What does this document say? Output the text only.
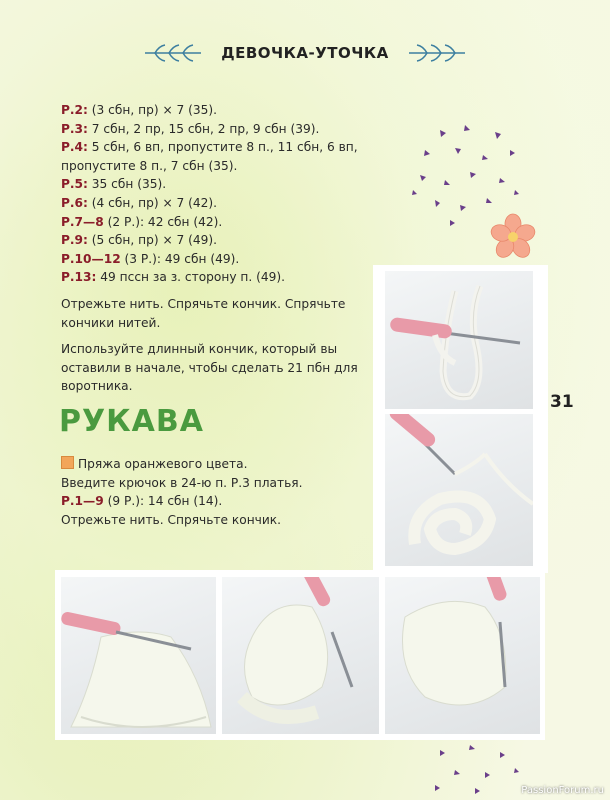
ДЕВОЧКА-УТОЧКА

Р.2: (3 сбн, пр) × 7 (35).

Р.3: 7 сбн, 2 пр, 15 сбн, 2 пр, 9 сбн (39).

Р.4: 5 сбн, 6 вп, пропустите 8 п., 11 сбн, 6 вп, пропустите 8 п., 7 сбн (35).

Р.5: 35 сбн (35).

Р.6: (4 сбн, пр) × 7 (42).

Р.7—8 (2 Р.): 42 сбн (42).

Р.9: (5 сбн, пр) × 7 (49).

Р.10—12 (3 Р.): 49 сбн (49).

Р.13: 49 пссн за з. сторону п. (49).

Отрежьте нить. Спрячьте кончик. Спрячьте кончики нитей.

Используйте длинный кончик, который вы оставили в начале, чтобы сделать 21 пбн для воротника.

РУКАВА

Пряжа оранжевого цвета.

Введите крючок в 24-ю п. Р.3 платья.

Р.1—9 (9 Р.): 14 сбн (14).

Отрежьте нить. Спрячьте кончик.

31
PassionForum.ru
